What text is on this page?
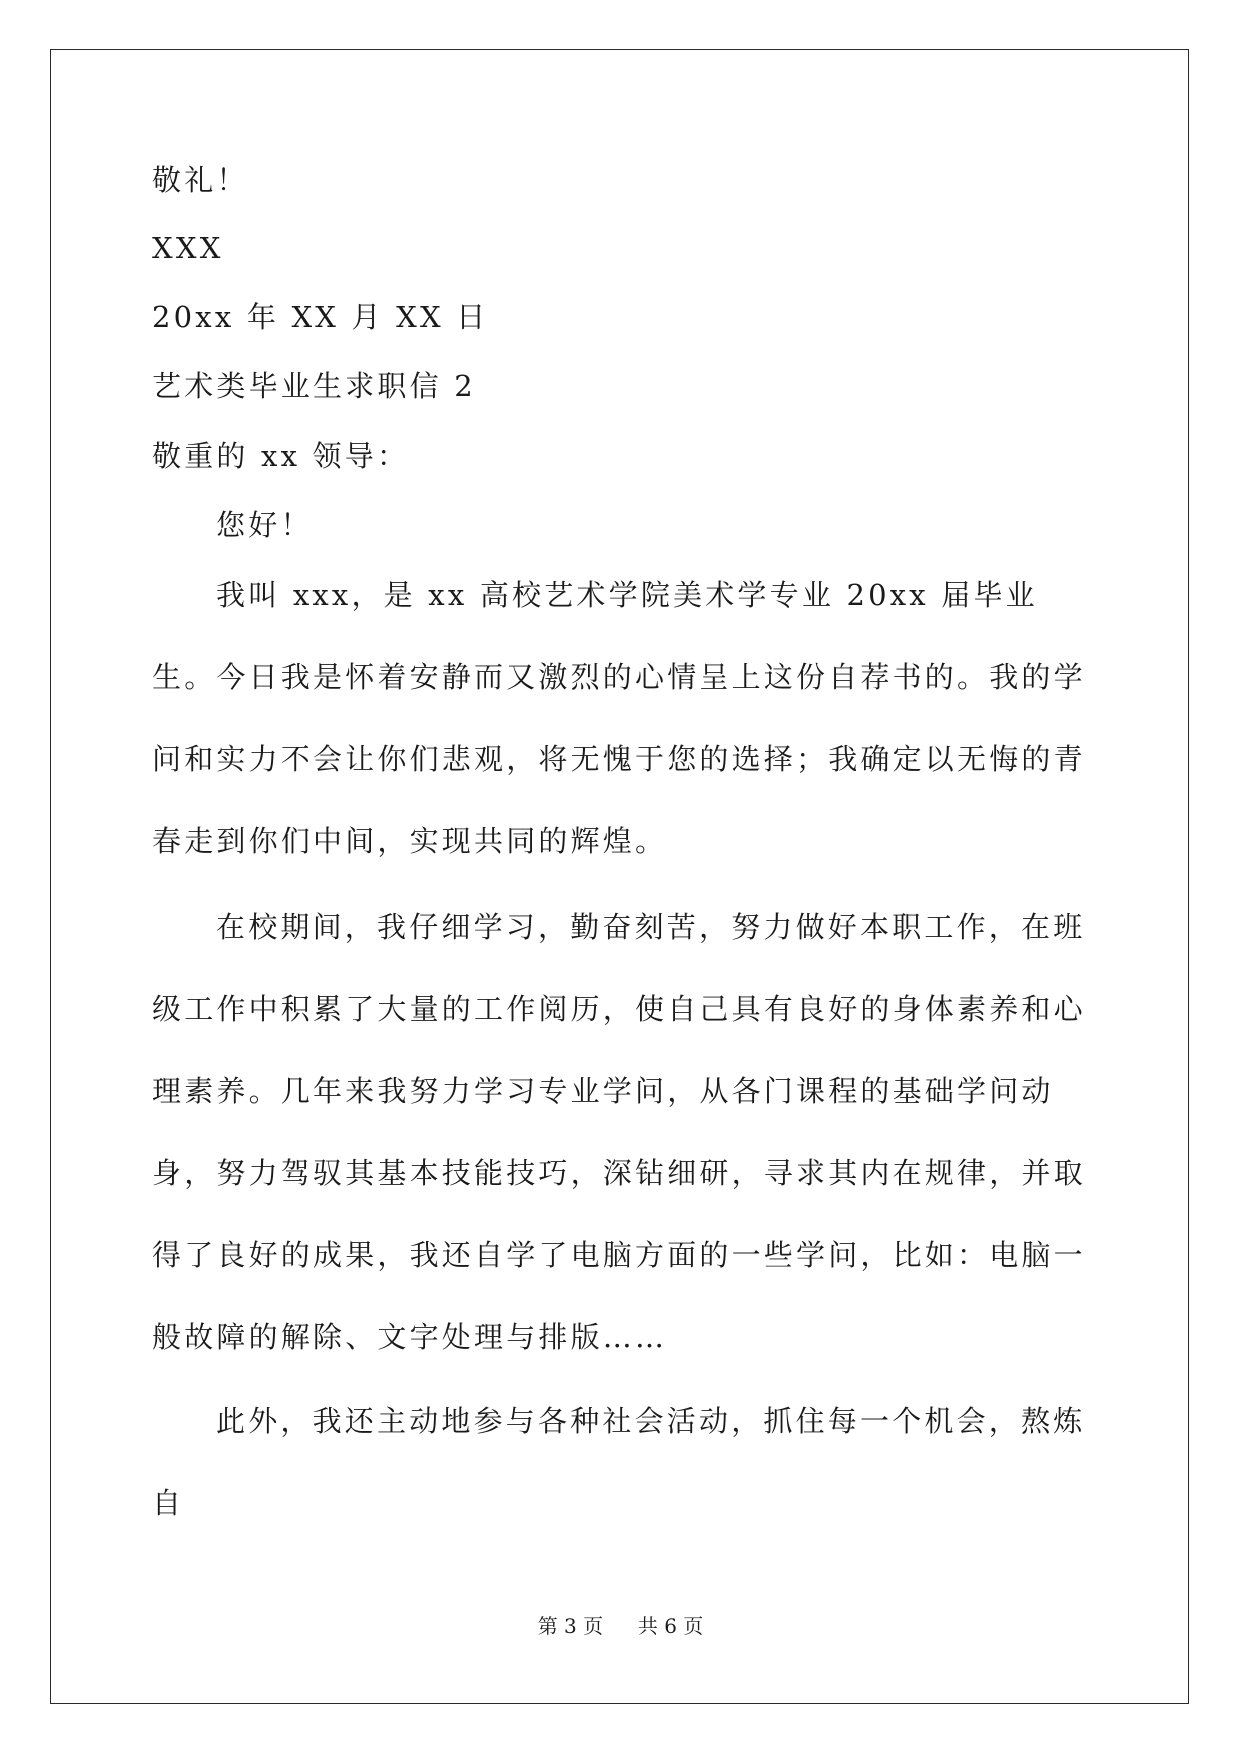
敬礼！
XXX
20xx 年 XX 月 XX 日
艺术类毕业生求职信 2
敬重的 xx 领导：
您好！
我叫 xxx，是 xx 高校艺术学院美术学专业 20xx 届毕业生。今日我是怀着安静而又激烈的心情呈上这份自荐书的。我的学问和实力不会让你们悲观，将无愧于您的选择；我确定以无悔的青春走到你们中间，实现共同的辉煌。
在校期间，我仔细学习，勤奋刻苦，努力做好本职工作，在班级工作中积累了大量的工作阅历，使自己具有良好的身体素养和心理素养。几年来我努力学习专业学问，从各门课程的基础学问动身，努力驾驭其基本技能技巧，深钻细研，寻求其内在规律，并取得了良好的成果，我还自学了电脑方面的一些学问，比如：电脑一般故障的解除、文字处理与排版……
此外，我还主动地参与各种社会活动，抓住每一个机会，熬炼自
第 3 页 共 6 页
